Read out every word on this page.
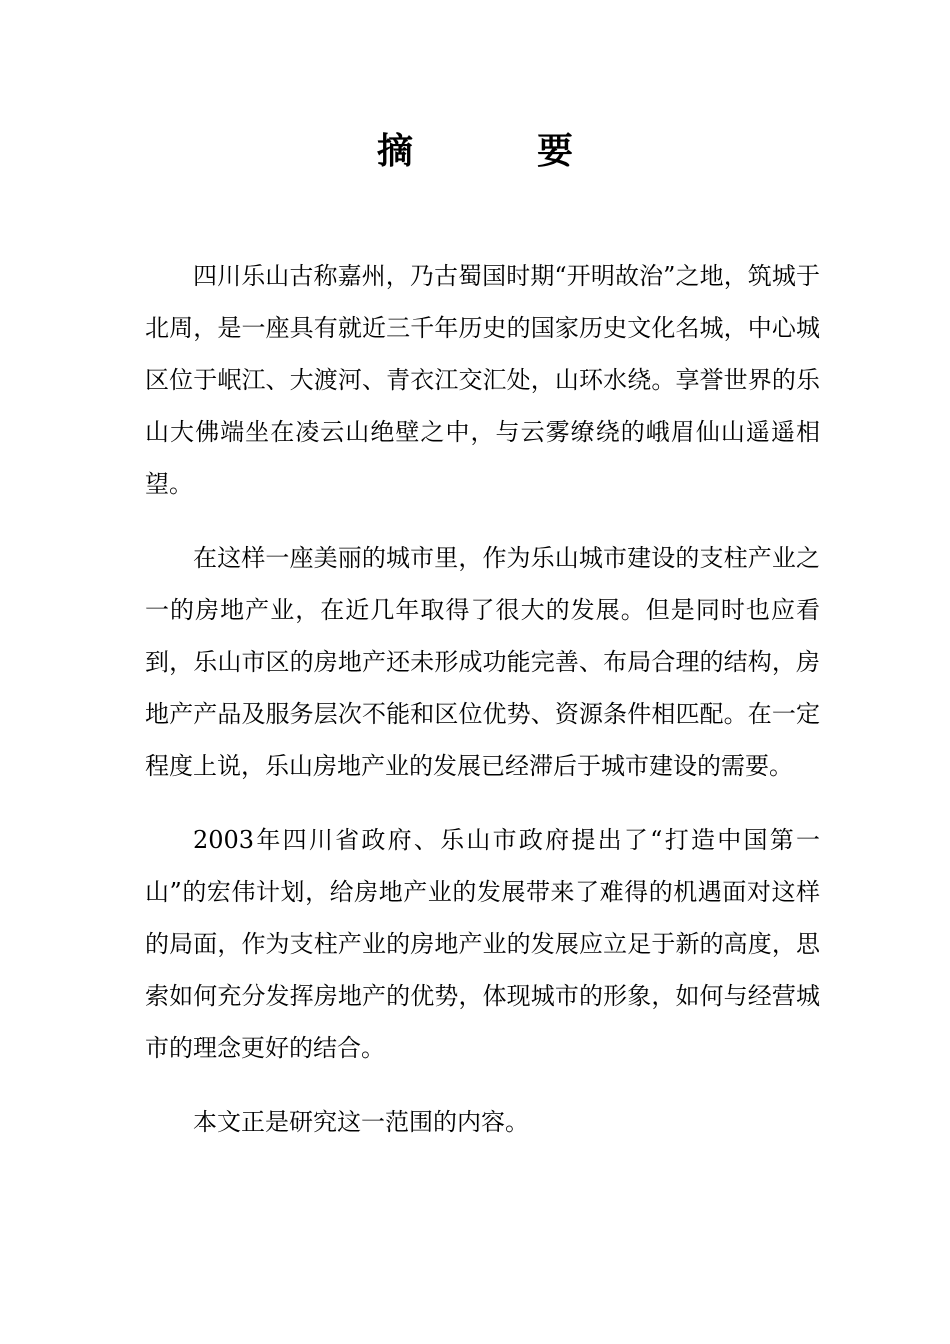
摘　要

四川乐山古称嘉州，乃古蜀国时期“开明故治”之地，筑城于北周，是一座具有就近三千年历史的国家历史文化名城，中心城区位于岷江、大渡河、青衣江交汇处，山环水绕。享誉世界的乐山大佛端坐在凌云山绝壁之中，与云雾缭绕的峨眉仙山遥遥相望。

在这样一座美丽的城市里，作为乐山城市建设的支柱产业之一的房地产业，在近几年取得了很大的发展。但是同时也应看到，乐山市区的房地产还未形成功能完善、布局合理的结构，房地产产品及服务层次不能和区位优势、资源条件相匹配。在一定程度上说，乐山房地产业的发展已经滞后于城市建设的需要。

2003年四川省政府、乐山市政府提出了“打造中国第一山”的宏伟计划，给房地产业的发展带来了难得的机遇面对这样的局面，作为支柱产业的房地产业的发展应立足于新的高度，思索如何充分发挥房地产的优势，体现城市的形象，如何与经营城市的理念更好的结合。

本文正是研究这一范围的内容。
